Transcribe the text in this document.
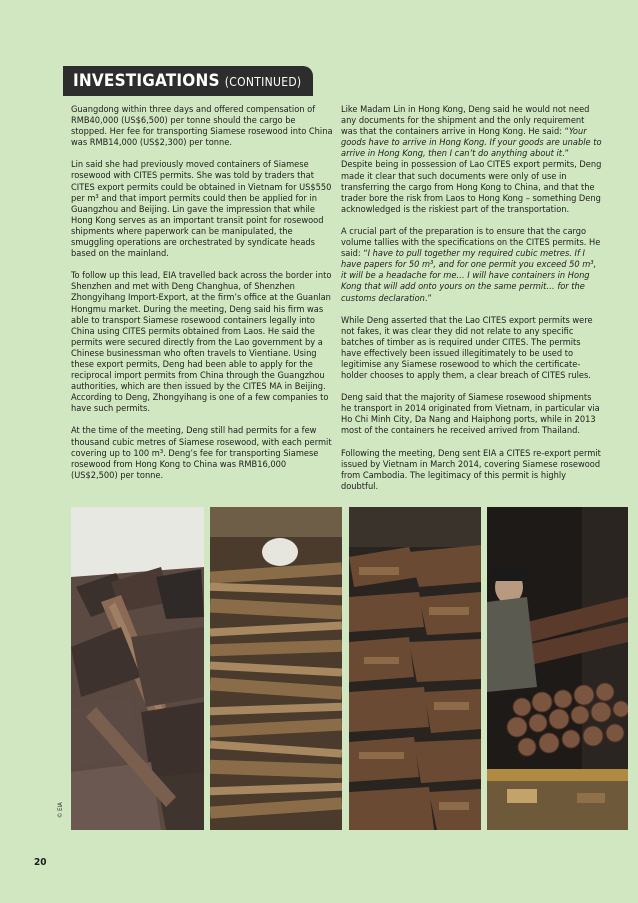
INVESTIGATIONS (CONTINUED)

Guangdong within three days and offered compensation of RMB40,000 (US$6,500) per tonne should the cargo be stopped. Her fee for transporting Siamese rosewood into China was RMB14,000 (US$2,300) per tonne.

Lin said she had previously moved containers of Siamese rosewood with CITES permits. She was told by traders that CITES export permits could be obtained in Vietnam for US$550 per m³ and that import permits could then be applied for in Guangzhou and Beijing. Lin gave the impression that while Hong Kong serves as an important transit point for rosewood shipments where paperwork can be manipulated, the smuggling operations are orchestrated by syndicate heads based on the mainland.

To follow up this lead, EIA travelled back across the border into Shenzhen and met with Deng Changhua, of Shenzhen Zhongyihang Import-Export, at the firm’s office at the Guanlan Hongmu market. During the meeting, Deng said his firm was able to transport Siamese rosewood containers legally into China using CITES permits obtained from Laos. He said the permits were secured directly from the Lao government by a Chinese businessman who often travels to Vientiane. Using these export permits, Deng had been able to apply for the reciprocal import permits from China through the Guangzhou authorities, which are then issued by the CITES MA in Beijing. According to Deng, Zhongyihang is one of a few companies to have such permits.

At the time of the meeting, Deng still had permits for a few thousand cubic metres of Siamese rosewood, with each permit covering up to 100 m³. Deng’s fee for transporting Siamese rosewood from Hong Kong to China was RMB16,000 (US$2,500) per tonne.

Like Madam Lin in Hong Kong, Deng said he would not need any documents for the shipment and the only requirement was that the containers arrive in Hong Kong. He said: “Your goods have to arrive in Hong Kong. If your goods are unable to arrive in Hong Kong, then I can’t do anything about it.” Despite being in possession of Lao CITES export permits, Deng made it clear that such documents were only of use in transferring the cargo from Hong Kong to China, and that the trader bore the risk from Laos to Hong Kong – something Deng acknowledged is the riskiest part of the transportation.

A crucial part of the preparation is to ensure that the cargo volume tallies with the specifications on the CITES permits. He said: “I have to pull together my required cubic metres. If I have papers for 50 m³, and for one permit you exceed 50 m³, it will be a headache for me… I will have containers in Hong Kong that will add onto yours on the same permit… for the customs declaration.”

While Deng asserted that the Lao CITES export permits were not fakes, it was clear they did not relate to any specific batches of timber as is required under CITES. The permits have effectively been issued illegitimately to be used to legitimise any Siamese rosewood to which the certificate-holder chooses to apply them, a clear breach of CITES rules.

Deng said that the majority of Siamese rosewood shipments he transport in 2014 originated from Vietnam, in particular via Ho Chi Minh City, Da Nang and Haiphong ports, while in 2013 most of the containers he received arrived from Thailand.

Following the meeting, Deng sent EIA a CITES re-export permit issued by Vietnam in March 2014, covering Siamese rosewood from Cambodia. The legitimacy of this permit is highly doubtful.

© EIA
20
